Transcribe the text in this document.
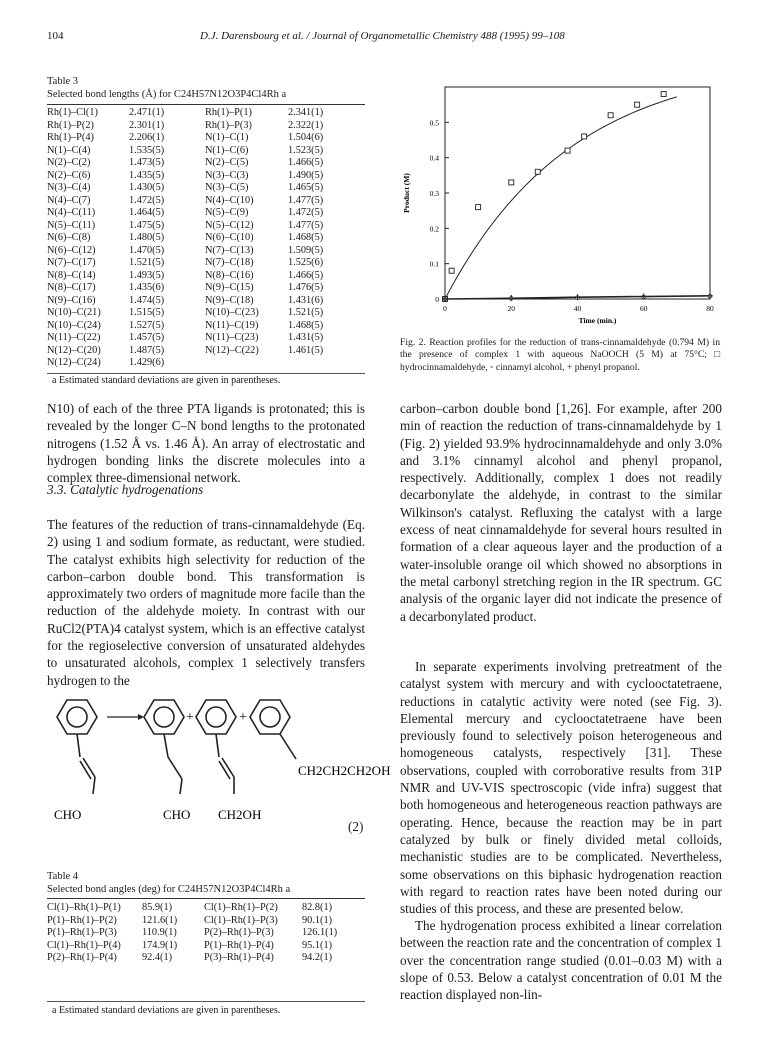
104	D.J. Darensbourg et al. / Journal of Organometallic Chemistry 488 (1995) 99–108
Table 3
Selected bond lengths (Å) for C24H57N12O3P4Cl4Rh a
Rh(1)–Cl(1)	2.471(1)	Rh(1)–P(1)	2.341(1)
Rh(1)–P(2)	2.301(1)	Rh(1)–P(3)	2.322(1)
Rh(1)–P(4)	2.206(1)	N(1)–C(1)	1.504(6)
N(1)–C(4)	1.535(5)	N(1)–C(6)	1.523(5)
N(2)–C(2)	1.473(5)	N(2)–C(5)	1.466(5)
N(2)–C(6)	1.435(5)	N(3)–C(3)	1.490(5)
N(3)–C(4)	1.430(5)	N(3)–C(5)	1.465(5)
N(4)–C(7)	1.472(5)	N(4)–C(10)	1.477(5)
N(4)–C(11)	1.464(5)	N(5)–C(9)	1.472(5)
N(5)–C(11)	1.475(5)	N(5)–C(12)	1.477(5)
N(6)–C(8)	1.480(5)	N(6)–C(10)	1.468(5)
N(6)–C(12)	1.470(5)	N(7)–C(13)	1.509(5)
N(7)–C(17)	1.521(5)	N(7)–C(18)	1.525(6)
N(8)–C(14)	1.493(5)	N(8)–C(16)	1.466(5)
N(8)–C(17)	1.435(6)	N(9)–C(15)	1.476(5)
N(9)–C(16)	1.474(5)	N(9)–C(18)	1.431(6)
N(10)–C(21)	1.515(5)	N(10)–C(23)	1.521(5)
N(10)–C(24)	1.527(5)	N(11)–C(19)	1.468(5)
N(11)–C(22)	1.457(5)	N(11)–C(23)	1.431(5)
N(12)–C(20)	1.487(5)	N(12)–C(22)	1.461(5)
N(12)–C(24)	1.429(6)		
a Estimated standard deviations are given in parentheses.
N10) of each of the three PTA ligands is protonated; this is revealed by the longer C–N bond lengths to the protonated nitrogens (1.52 Å vs. 1.46 Å). An array of electrostatic and hydrogen bonding links the discrete molecules into a complex three-dimensional network.
3.3. Catalytic hydrogenations
The features of the reduction of trans-cinnamaldehyde (Eq. 2) using 1 and sodium formate, as reductant, were studied. The catalyst exhibits high selectivity for reduction of the carbon–carbon double bond. This transformation is approximately two orders of magnitude more facile than the reduction of the aldehyde moiety. In contrast with our RuCl2(PTA)4 catalyst system, which is an effective catalyst for the regioselective conversion of unsaturated aldehydes to unsaturated alcohols, complex 1 selectively transfers hydrogen to the
+	+
CHO	CHO CH2OH
CH2CH2CH2OH
(2)
Table 4
Selected bond angles (deg) for C24H57N12O3P4Cl4Rh a
Cl(1)–Rh(1)–P(1)	85.9(1)	Cl(1)–Rh(1)–P(2)	82.8(1)
P(1)–Rh(1)–P(2)	121.6(1)	Cl(1)–Rh(1)–P(3)	90.1(1)
P(1)–Rh(1)–P(3)	110.9(1)	P(2)–Rh(1)–P(3)	126.1(1)
Cl(1)–Rh(1)–P(4)	174.9(1)	P(1)–Rh(1)–P(4)	95.1(1)
P(2)–Rh(1)–P(4)	92.4(1)	P(3)–Rh(1)–P(4)	94.2(1)
a Estimated standard deviations are given in parentheses.
0	20	40	60	80
0
0.1
0.2
0.3
0.4
0.5
Time (min.)
Product (M)
Fig. 2. Reaction profiles for the reduction of trans-cinnamaldehyde (0.794 M) in the presence of complex 1 with aqueous NaOOCH (5 M) at 75°C; □ hydrocinnamaldehyde, ◦ cinnamyl alcohol, + phenyl propanol.
carbon–carbon double bond [1,26]. For example, after 200 min of reaction the reduction of trans-cinnamaldehyde by 1 (Fig. 2) yielded 93.9% hydrocinnamaldehyde and only 3.0% and 3.1% cinnamyl alcohol and phenyl propanol, respectively. Additionally, complex 1 does not readily decarbonylate the aldehyde, in contrast to the similar Wilkinson's catalyst. Refluxing the catalyst with a large excess of neat cinnamaldehyde for several hours resulted in formation of a clear aqueous layer and the production of a water-insoluble orange oil which showed no absorptions in the metal carbonyl stretching region in the IR spectrum. GC analysis of the organic layer did not indicate the presence of a decarbonylated product.
In separate experiments involving pretreatment of the catalyst system with mercury and with cyclooctatetraene, reductions in catalytic activity were noted (see Fig. 3). Elemental mercury and cyclooctatetraene have been previously found to selectively poison heterogeneous and homogeneous catalysts, respectively [31]. These observations, coupled with corroborative results from 31P NMR and UV-VIS spectroscopic (vide infra) suggest that both homogeneous and heterogeneous reaction pathways are operating. Hence, because the reaction may be in part catalyzed by bulk or finely divided metal colloids, mechanistic studies are to be complicated. Nevertheless, some observations on this biphasic hydrogenation reaction with regard to reaction rates have been noted during our studies of this process, and these are presented below.
The hydrogenation process exhibited a linear correlation between the reaction rate and the concentration of complex 1 over the concentration range studied (0.01–0.03 M) with a slope of 0.53. Below a catalyst concentration of 0.01 M the reaction displayed non-lin-
